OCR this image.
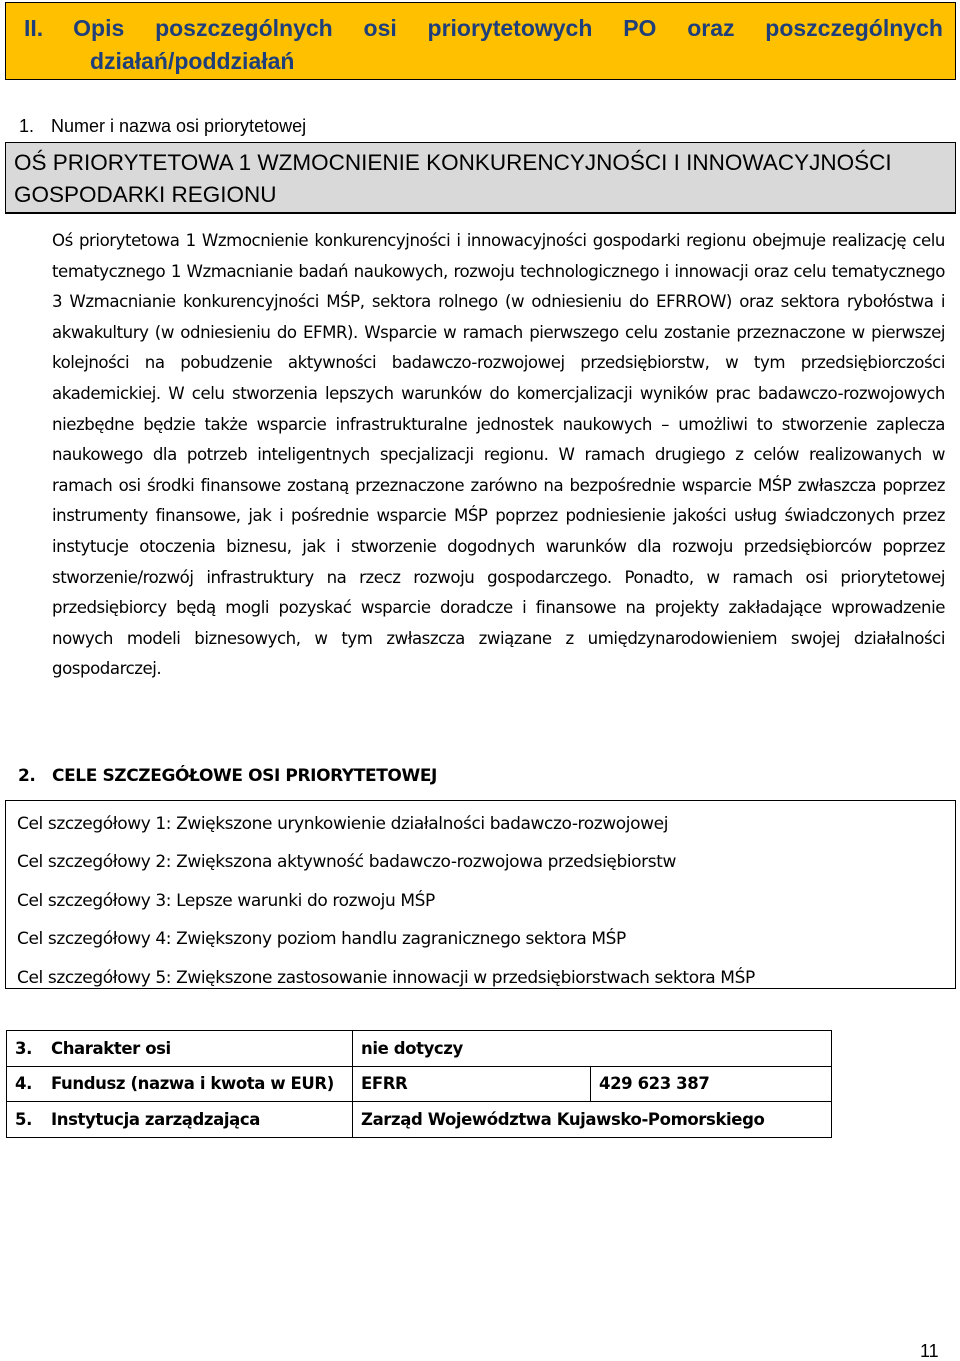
II. Opis poszczególnych osi priorytetowych PO oraz poszczególnych
działań/poddziałań
1. Numer i nazwa osi priorytetowej
OŚ PRIORYTETOWA 1 WZMOCNIENIE KONKURENCYJNOŚCI I INNOWACYJNOŚCI GOSPODARKI REGIONU
Oś priorytetowa 1 Wzmocnienie konkurencyjności i innowacyjności gospodarki regionu obejmuje realizację celu tematycznego 1 Wzmacnianie badań naukowych, rozwoju technologicznego i innowacji oraz celu tematycznego 3 Wzmacnianie konkurencyjności MŚP, sektora rolnego (w odniesieniu do EFRROW) oraz sektora rybołóstwa i akwakultury (w odniesieniu do EFMR). Wsparcie w ramach pierwszego celu zostanie przeznaczone w pierwszej kolejności na pobudzenie aktywności badawczo-rozwojowej przedsiębiorstw, w tym przedsiębiorczości akademickiej. W celu stworzenia lepszych warunków do komercjalizacji wyników prac badawczo-rozwojowych niezbędne będzie także wsparcie infrastrukturalne jednostek naukowych – umożliwi to stworzenie zaplecza naukowego dla potrzeb inteligentnych specjalizacji regionu. W ramach drugiego z celów realizowanych w ramach osi środki finansowe zostaną przeznaczone zarówno na bezpośrednie wsparcie MŚP zwłaszcza poprzez instrumenty finansowe, jak i pośrednie wsparcie MŚP poprzez podniesienie jakości usług świadczonych przez instytucje otoczenia biznesu, jak i stworzenie dogodnych warunków dla rozwoju przedsiębiorców poprzez stworzenie/rozwój infrastruktury na rzecz rozwoju gospodarczego. Ponadto, w ramach osi priorytetowej przedsiębiorcy będą mogli pozyskać wsparcie doradcze i finansowe na projekty zakładające wprowadzenie nowych modeli biznesowych, w tym zwłaszcza związane z umiędzynarodowieniem swojej działalności gospodarczej.
2. CELE SZCZEGÓŁOWE OSI PRIORYTETOWEJ
Cel szczegółowy 1: Zwiększone urynkowienie działalności badawczo-rozwojowej
Cel szczegółowy 2: Zwiększona aktywność badawczo-rozwojowa przedsiębiorstw
Cel szczegółowy 3: Lepsze warunki do rozwoju MŚP
Cel szczegółowy 4: Zwiększony poziom handlu zagranicznego sektora MŚP
Cel szczegółowy 5: Zwiększone zastosowanie innowacji w przedsiębiorstwach sektora MŚP
3. Charakter osi	nie dotyczy	
4. Fundusz (nazwa i kwota w EUR)	EFRR	429 623 387
5. Instytucja zarządzająca	Zarząd Województwa Kujawsko-Pomorskiego	
11
